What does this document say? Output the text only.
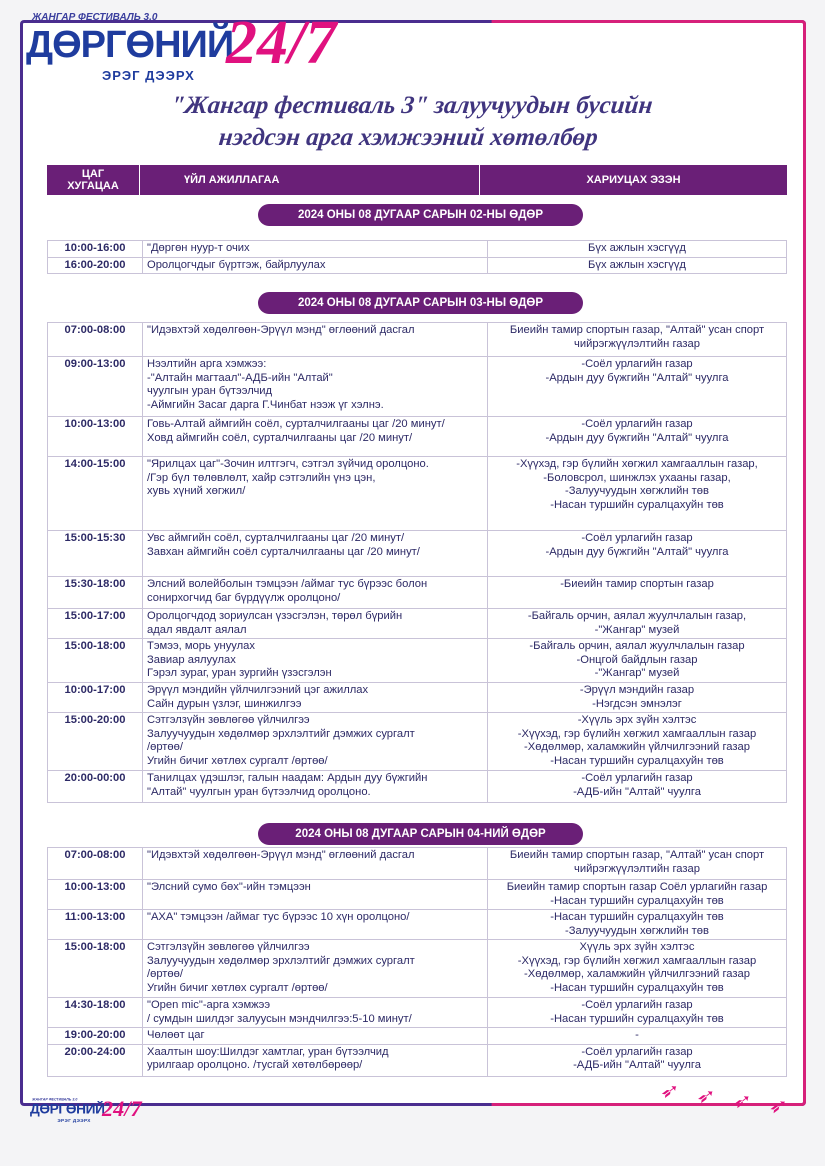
ЖАНГАР ФЕСТИВАЛЬ 3.0
ДӨРГӨНИЙ
ЭРЭГ ДЭЭРХ 24/7
"Жангар фестиваль 3" залуучуудын бусийн
нэгдсэн арга хэмжээний хөтөлбөр
ЦАГ
ХУГАЦАА	ҮЙЛ АЖИЛЛАГАА	ХАРИУЦАХ ЭЗЭН
2024 ОНЫ 08 ДУГААР САРЫН 02-НЫ ӨДӨР
10:00-16:00	"Дөргөн нуур-т очих	Бүх ажлын хэсгүүд
16:00-20:00	Оролцогчдыг бүртгэж, байрлуулах	Бүх ажлын хэсгүүд
2024 ОНЫ 08 ДУГААР САРЫН 03-НЫ ӨДӨР
07:00-08:00	"Идэвхтэй хөдөлгөөн-Эрүүл мэнд" өглөөний дасгал	Биеийн тамир спортын газар, "Алтай" усан спорт
чийрэгжүүлэлтийн газар
09:00-13:00	Нээлтийн арга хэмжээ:
-"Алтайн магтаал"-АДБ-ийн "Алтай"
чуулгын уран бүтээлчид
-Аймгийн Засаг дарга Г.Чинбат нээж үг хэлнэ.	-Соёл урлагийн газар
-Ардын дуу бүжгийн "Алтай" чуулга
10:00-13:00	Говь-Алтай аймгийн соёл, сурталчилгааны цаг /20 минут/
Ховд аймгийн соёл, сурталчилгааны цаг /20 минут/	-Соёл урлагийн газар
-Ардын дуу бүжгийн "Алтай" чуулга
14:00-15:00	"Ярилцах цаг"-Зочин илтгэгч, сэтгэл зүйчид оролцоно.
/Гэр бүл төлөвлөлт, хайр сэтгэлийн үнэ цэн,
хувь хүний хөгжил/	-Хүүхэд, гэр бүлийн хөгжил хамгааллын газар,
-Боловсрол, шинжлэх ухааны газар,
-Залуучуудын хөгжлийн төв
-Насан туршийн суралцахуйн төв
15:00-15:30	Увс аймгийн соёл, сурталчилгааны цаг /20 минут/
Завхан аймгийн соёл сурталчилгааны цаг /20 минут/	-Соёл урлагийн газар
-Ардын дуу бүжгийн "Алтай" чуулга
15:30-18:00	Элсний волейболын тэмцээн /аймаг тус бүрээс болон
сонирхогчид баг бүрдүүлж оролцоно/	-Биеийн тамир спортын газар
15:00-17:00	Оролцогчдод зориулсан үзэсгэлэн, төрөл бүрийн
адал явдалт аялал	-Байгаль орчин, аялал жуулчлалын газар,
-"Жангар" музей
15:00-18:00	Тэмээ, морь унуулах
Завиар аялуулах
Гэрэл зураг, уран зургийн үзэсгэлэн	-Байгаль орчин, аялал жуулчлалын газар
-Онцгой байдлын газар
-"Жангар" музей
10:00-17:00	Эрүүл мэндийн үйлчилгээний цэг ажиллах
Сайн дурын үзлэг, шинжилгээ	-Эрүүл мэндийн газар
-Нэгдсэн эмнэлэг
15:00-20:00	Сэтгэлзүйн зөвлөгөө үйлчилгээ
Залуучуудын хөдөлмөр эрхлэлтийг дэмжих сургалт
/өртөө/
Угийн бичиг хөтлөх сургалт /өртөө/	-Хүүль эрх зүйн хэлтэс
-Хүүхэд, гэр бүлийн хөгжил хамгааллын газар
-Хөдөлмөр, халамжийн үйлчилгээний газар
-Насан туршийн суралцахуйн төв
20:00-00:00	Танилцах үдэшлэг, галын наадам: Ардын дуу бүжгийн
"Алтай" чуулгын уран бүтээлчид оролцоно.	-Соёл урлагийн газар
-АДБ-ийн "Алтай" чуулга
2024 ОНЫ 08 ДУГААР САРЫН 04-НИЙ ӨДӨР
07:00-08:00	"Идэвхтэй хөдөлгөөн-Эрүүл мэнд" өглөөний дасгал	Биеийн тамир спортын газар, "Алтай" усан спорт
чийрэгжүүлэлтийн газар
10:00-13:00	"Элсний сумо бөх"-ийн тэмцээн	Биеийн тамир спортын газар Соёл урлагийн газар
-Насан туршийн суралцахуйн төв
11:00-13:00	"АХА" тэмцээн /аймаг тус бүрээс 10 хүн оролцоно/	-Насан туршийн суралцахуйн төв
-Залуучуудын хөгжлийн төв
15:00-18:00	Сэтгэлзүйн зөвлөгөө үйлчилгээ
Залуучуудын хөдөлмөр эрхлэлтийг дэмжих сургалт
/өртөө/
Угийн бичиг хөтлөх сургалт /өртөө/	Хүүль эрх зүйн хэлтэс
-Хүүхэд, гэр бүлийн хөгжил хамгааллын газар
-Хөдөлмөр, халамжийн үйлчилгээний газар
-Насан туршийн суралцахуйн төв
14:30-18:00	"Open mic"-арга хэмжээ
/ сумдын шилдэг залуусын мэндчилгээ:5-10 минут/	-Соёл урлагийн газар
-Насан туршийн суралцахуйн төв
19:00-20:00	Чөлөөт цаг	-
20:00-24:00	Хаалтын шоу:Шилдэг хамтлаг, уран бүтээлчид
урилгаар оролцоно. /тусгай хөтөлбөрөөр/	-Соёл урлагийн газар
-АДБ-ийн "Алтай" чуулга
ЖАНГАР ФЕСТИВАЛЬ 3.0
ДӨРГӨНИЙ
ЭРЭГ ДЭЭРХ 24/7	➶ ➶ ➶ ➶
